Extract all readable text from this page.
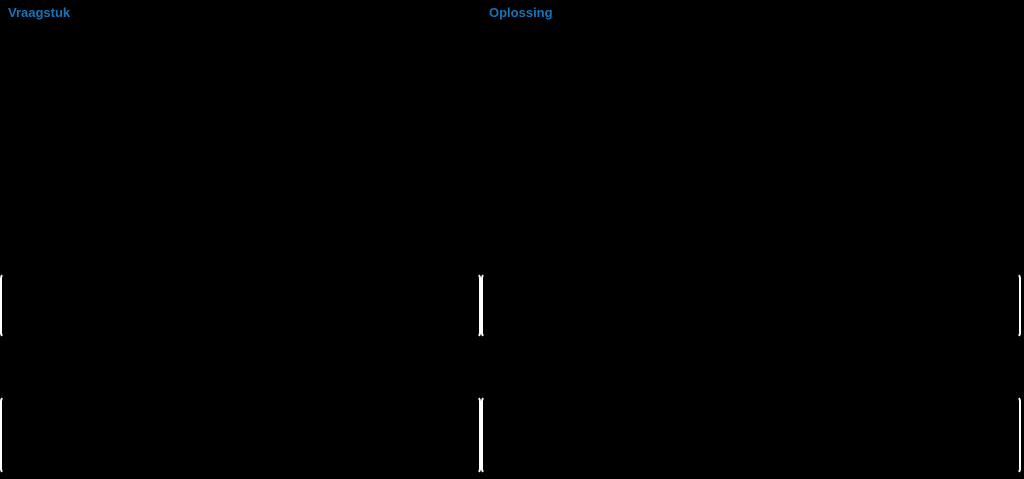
Vraagstuk	Oplossing
